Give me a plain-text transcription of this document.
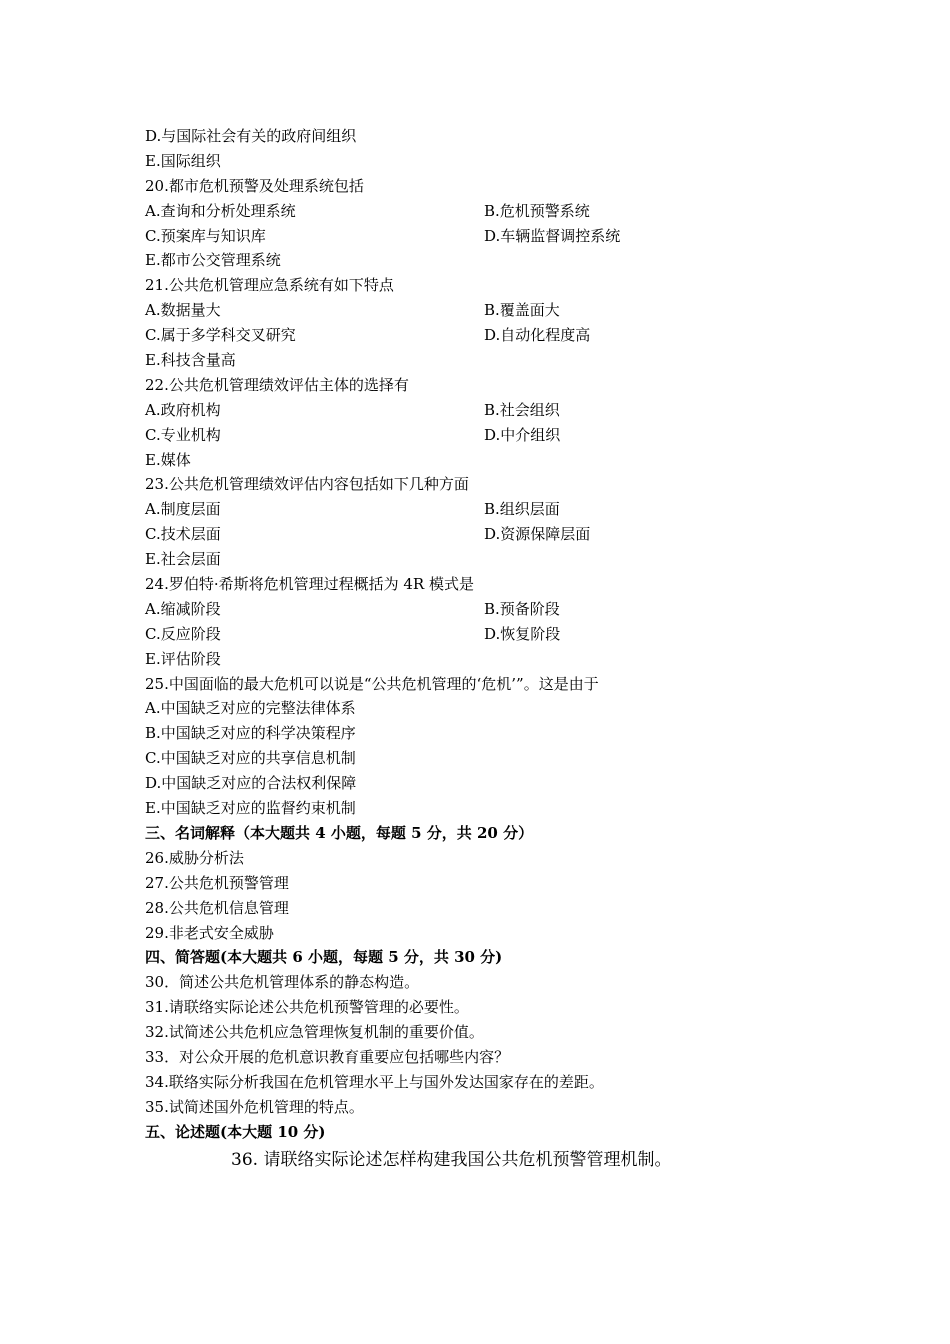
D.与国际社会有关的政府间组织
E.国际组织
20.都市危机预警及处理系统包括
A.查询和分析处理系统	B.危机预警系统
C.预案库与知识库	D.车辆监督调控系统
E.都市公交管理系统
21.公共危机管理应急系统有如下特点
A.数据量大	B.覆盖面大
C.属于多学科交叉研究	D.自动化程度高
E.科技含量高
22.公共危机管理绩效评估主体的选择有
A.政府机构	B.社会组织
C.专业机构	D.中介组织
E.媒体
23.公共危机管理绩效评估内容包括如下几种方面
A.制度层面	B.组织层面
C.技术层面	D.资源保障层面
E.社会层面
24.罗伯特·希斯将危机管理过程概括为 4R 模式是
A.缩减阶段	B.预备阶段
C.反应阶段	D.恢复阶段
E.评估阶段
25.中国面临的最大危机可以说是“公共危机管理的‘危机’”。这是由于
A.中国缺乏对应的完整法律体系
B.中国缺乏对应的科学决策程序
C.中国缺乏对应的共享信息机制
D.中国缺乏对应的合法权利保障
E.中国缺乏对应的监督约束机制
三、名词解释（本大题共 4 小题，每题 5 分，共 20 分）
26.威胁分析法
27.公共危机预警管理
28.公共危机信息管理
29.非老式安全威胁
四、简答题(本大题共 6 小题，每题 5 分，共 30 分)
30．简述公共危机管理体系的静态构造。
31.请联络实际论述公共危机预警管理的必要性。
32.试简述公共危机应急管理恢复机制的重要价值。
33．对公众开展的危机意识教育重要应包括哪些内容？
34.联络实际分析我国在危机管理水平上与国外发达国家存在的差距。
35.试简述国外危机管理的特点。
五、论述题(本大题 10 分)
36. 请联络实际论述怎样构建我国公共危机预警管理机制。
